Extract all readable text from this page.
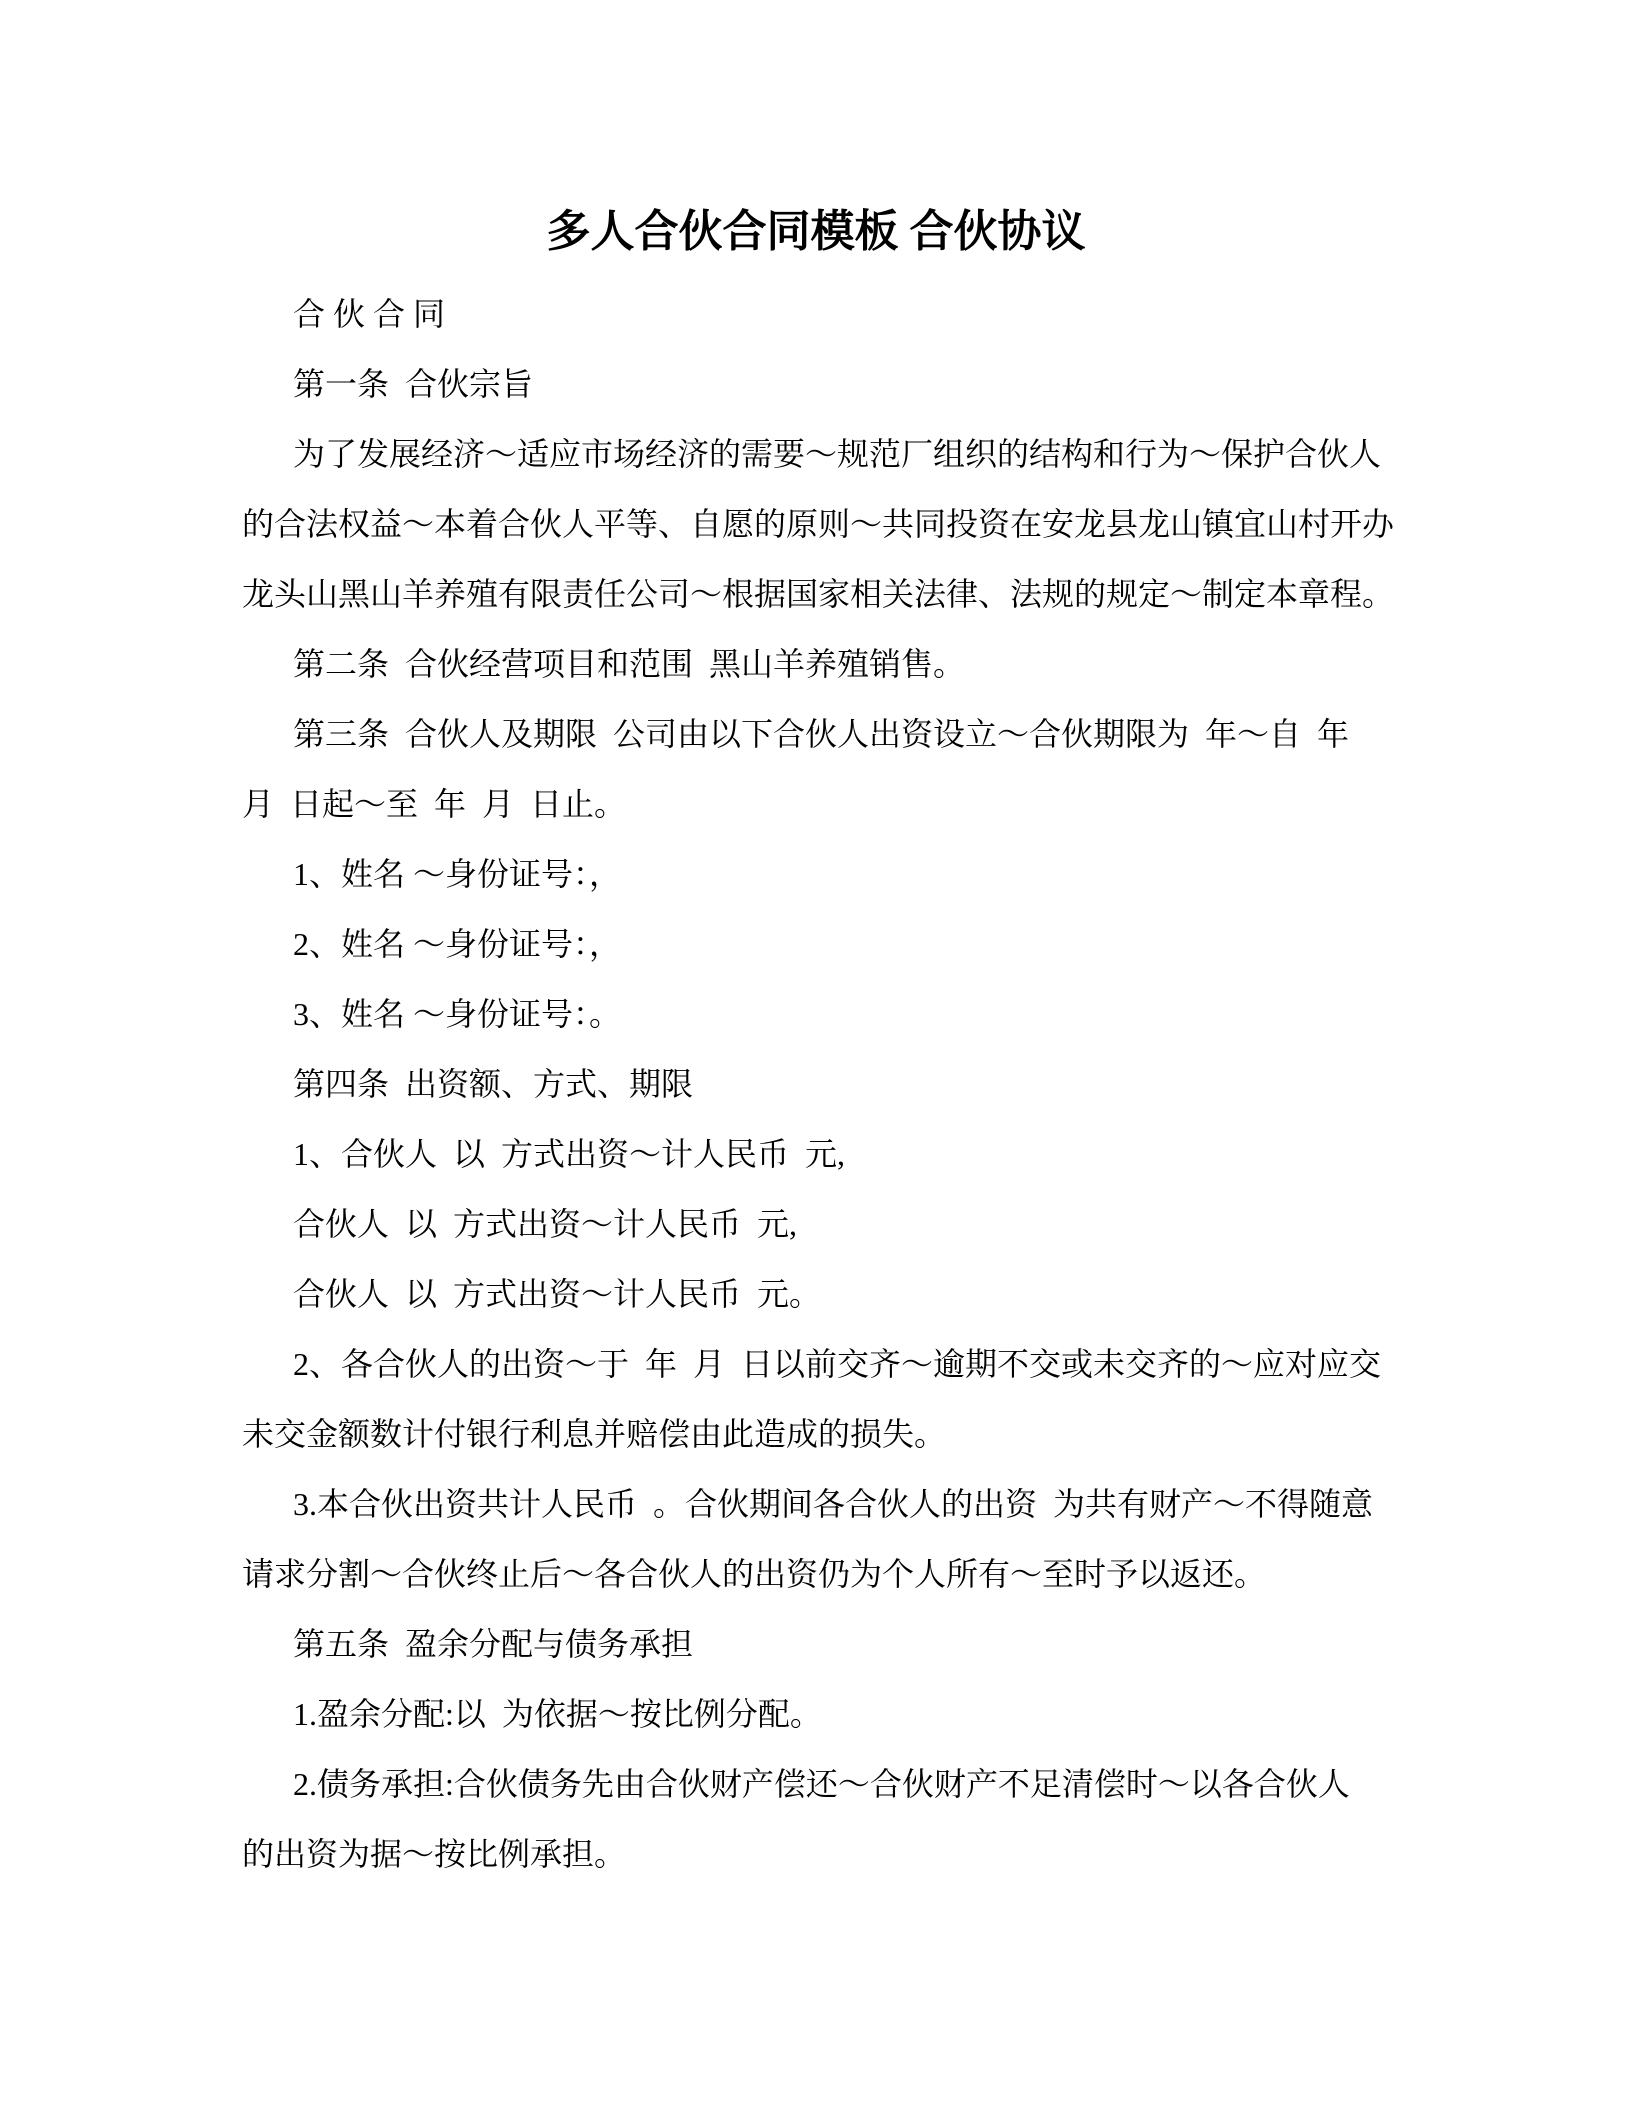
多人合伙合同模板 合伙协议
合 伙 合 同
第一条  合伙宗旨
为了发展经济～适应市场经济的需要～规范厂组织的结构和行为～保护合伙人
的合法权益～本着合伙人平等、自愿的原则～共同投资在安龙县龙山镇宜山村开办
龙头山黑山羊养殖有限责任公司～根据国家相关法律、法规的规定～制定本章程。
第二条  合伙经营项目和范围  黑山羊养殖销售。
第三条  合伙人及期限  公司由以下合伙人出资设立～合伙期限为  年～自  年
月  日起～至  年  月  日止。
1、姓名 ～身份证号：，
2、姓名 ～身份证号：，
3、姓名 ～身份证号：。
第四条  出资额、方式、期限
1、合伙人  以  方式出资～计人民币  元,
合伙人  以  方式出资～计人民币  元,
合伙人  以  方式出资～计人民币  元。
2、各合伙人的出资～于  年  月  日以前交齐～逾期不交或未交齐的～应对应交
未交金额数计付银行利息并赔偿由此造成的损失。
3.本合伙出资共计人民币  。合伙期间各合伙人的出资  为共有财产～不得随意
请求分割～合伙终止后～各合伙人的出资仍为个人所有～至时予以返还。
第五条  盈余分配与债务承担
1.盈余分配:以  为依据～按比例分配。
2.债务承担:合伙债务先由合伙财产偿还～合伙财产不足清偿时～以各合伙人
的出资为据～按比例承担。
